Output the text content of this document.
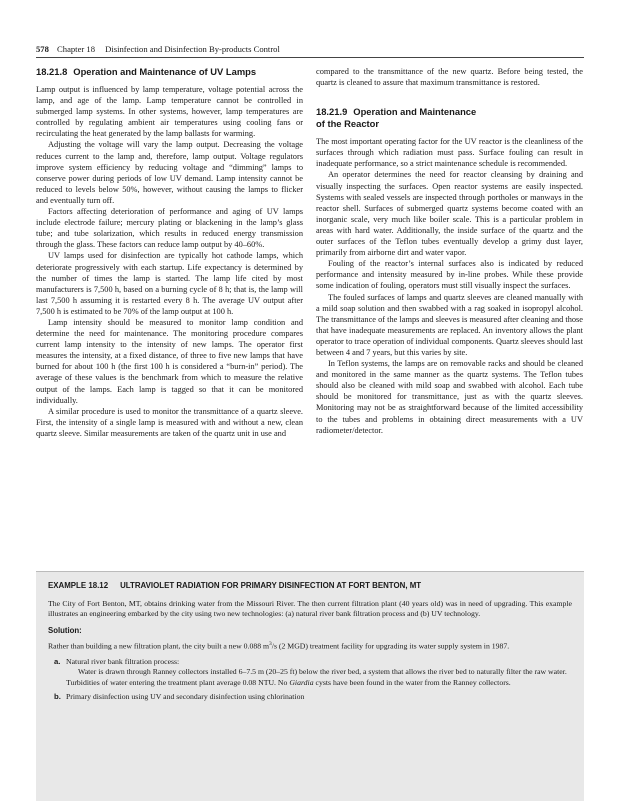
578 Chapter 18 Disinfection and Disinfection By-products Control
18.21.8 Operation and Maintenance of UV Lamps

Lamp output is influenced by lamp temperature, voltage potential across the lamp, and age of the lamp. Lamp temperature cannot be controlled in submerged lamp systems. In other systems, however, lamp temperatures are controlled by regulating ambient air temperatures using cooling fans or recirculating the heat generated by the lamp ballasts for warming.

Adjusting the voltage will vary the lamp output. Decreasing the voltage reduces current to the lamp and, therefore, lamp output. Voltage regulators improve system efficiency by reducing voltage and “dimming” lamps to conserve power during periods of low UV demand. Lamp intensity cannot be reduced to levels below 50%, however, without causing the lamps to flicker and eventually turn off.

Factors affecting deterioration of performance and aging of UV lamps include electrode failure; mercury plating or blackening in the lamp’s glass tube; and tube solarization, which results in reduced energy transmission through the glass. These factors can reduce lamp output by 40–60%.

UV lamps used for disinfection are typically hot cathode lamps, which deteriorate progressively with each startup. Life expectancy is determined by the number of times the lamp is started. The lamp life cited by most manufacturers is 7,500 h, based on a burning cycle of 8 h; that is, the lamp will last 7,500 h assuming it is restarted every 8 h. The average UV output after 7,500 h is estimated to be 70% of the lamp output at 100 h.

Lamp intensity should be measured to monitor lamp condition and determine the need for maintenance. The monitoring procedure compares current lamp intensity to the intensity of new lamps. The operator first measures the intensity, at a fixed distance, of three to five new lamps that have burned for about 100 h (the first 100 h is considered a “burn-in” period). The average of these values is the benchmark from which to measure the relative output of the lamps. Each lamp is tagged so that it can be monitored individually.

A similar procedure is used to monitor the transmittance of a quartz sleeve. First, the intensity of a single lamp is measured with and without a new, clean quartz sleeve. Similar measurements are taken of the quartz unit in use and

compared to the transmittance of the new quartz. Before being tested, the quartz is cleaned to assure that maximum transmittance is restored.

18.21.9 Operation and Maintenance
of the Reactor

The most important operating factor for the UV reactor is the cleanliness of the surfaces through which radiation must pass. Surface fouling can result in inadequate performance, so a strict maintenance schedule is recommended.

An operator determines the need for reactor cleansing by draining and visually inspecting the surfaces. Open reactor systems are easily inspected. Systems with sealed vessels are inspected through portholes or manways in the reactor shell. Surfaces of submerged quartz systems become coated with an inorganic scale, very much like boiler scale. This is a particular problem in areas with hard water. Additionally, the inside surface of the quartz and the outer surfaces of the Teflon tubes eventually develop a grimy dust layer, primarily from airborne dirt and water vapor.

Fouling of the reactor’s internal surfaces also is indicated by reduced performance and intensity measured by in-line probes. While these provide some indication of fouling, operators must still visually inspect the surfaces.

The fouled surfaces of lamps and quartz sleeves are cleaned manually with a mild soap solution and then swabbed with a rag soaked in isopropyl alcohol. The transmittance of the lamps and sleeves is measured after cleaning and those that have inadequate measurements are replaced. An inventory allows the plant operator to trace operation of individual components. Quartz sleeves should last between 4 and 7 years, but this varies by site.

In Teflon systems, the lamps are on removable racks and should be cleaned and monitored in the same manner as the quartz systems. The Teflon tubes should also be cleaned with mild soap and swabbed with alcohol. Each tube should be monitored for transmittance, just as with the quartz sleeves. Monitoring may not be as straightforward because of the limited accessibility to the tubes and problems in obtaining direct measurements with a UV radiometer/detector.

EXAMPLE 18.12 ULTRAVIOLET RADIATION FOR PRIMARY DISINFECTION AT FORT BENTON, MT

The City of Fort Benton, MT, obtains drinking water from the Missouri River. The then current filtration plant (40 years old) was in need of upgrading. This example illustrates an engineering embarked by the city using two new technologies: (a) natural river bank filtration process and (b) UV technology.

Solution:

Rather than building a new filtration plant, the city built a new 0.088 $m^3/s$ (2 MGD) treatment facility for upgrading its water supply system in 1987.

a. Natural river bank filtration process:
Water is drawn through Ranney collectors installed 6–7.5 m (20–25 ft) below the river bed, a system that allows the river bed to naturally filter the raw water. Turbidities of water entering the treatment plant average 0.08 NTU. No Giardia cysts have been found in the water from the Ranney collectors.
b. Primary disinfection using UV and secondary disinfection using chlorination
